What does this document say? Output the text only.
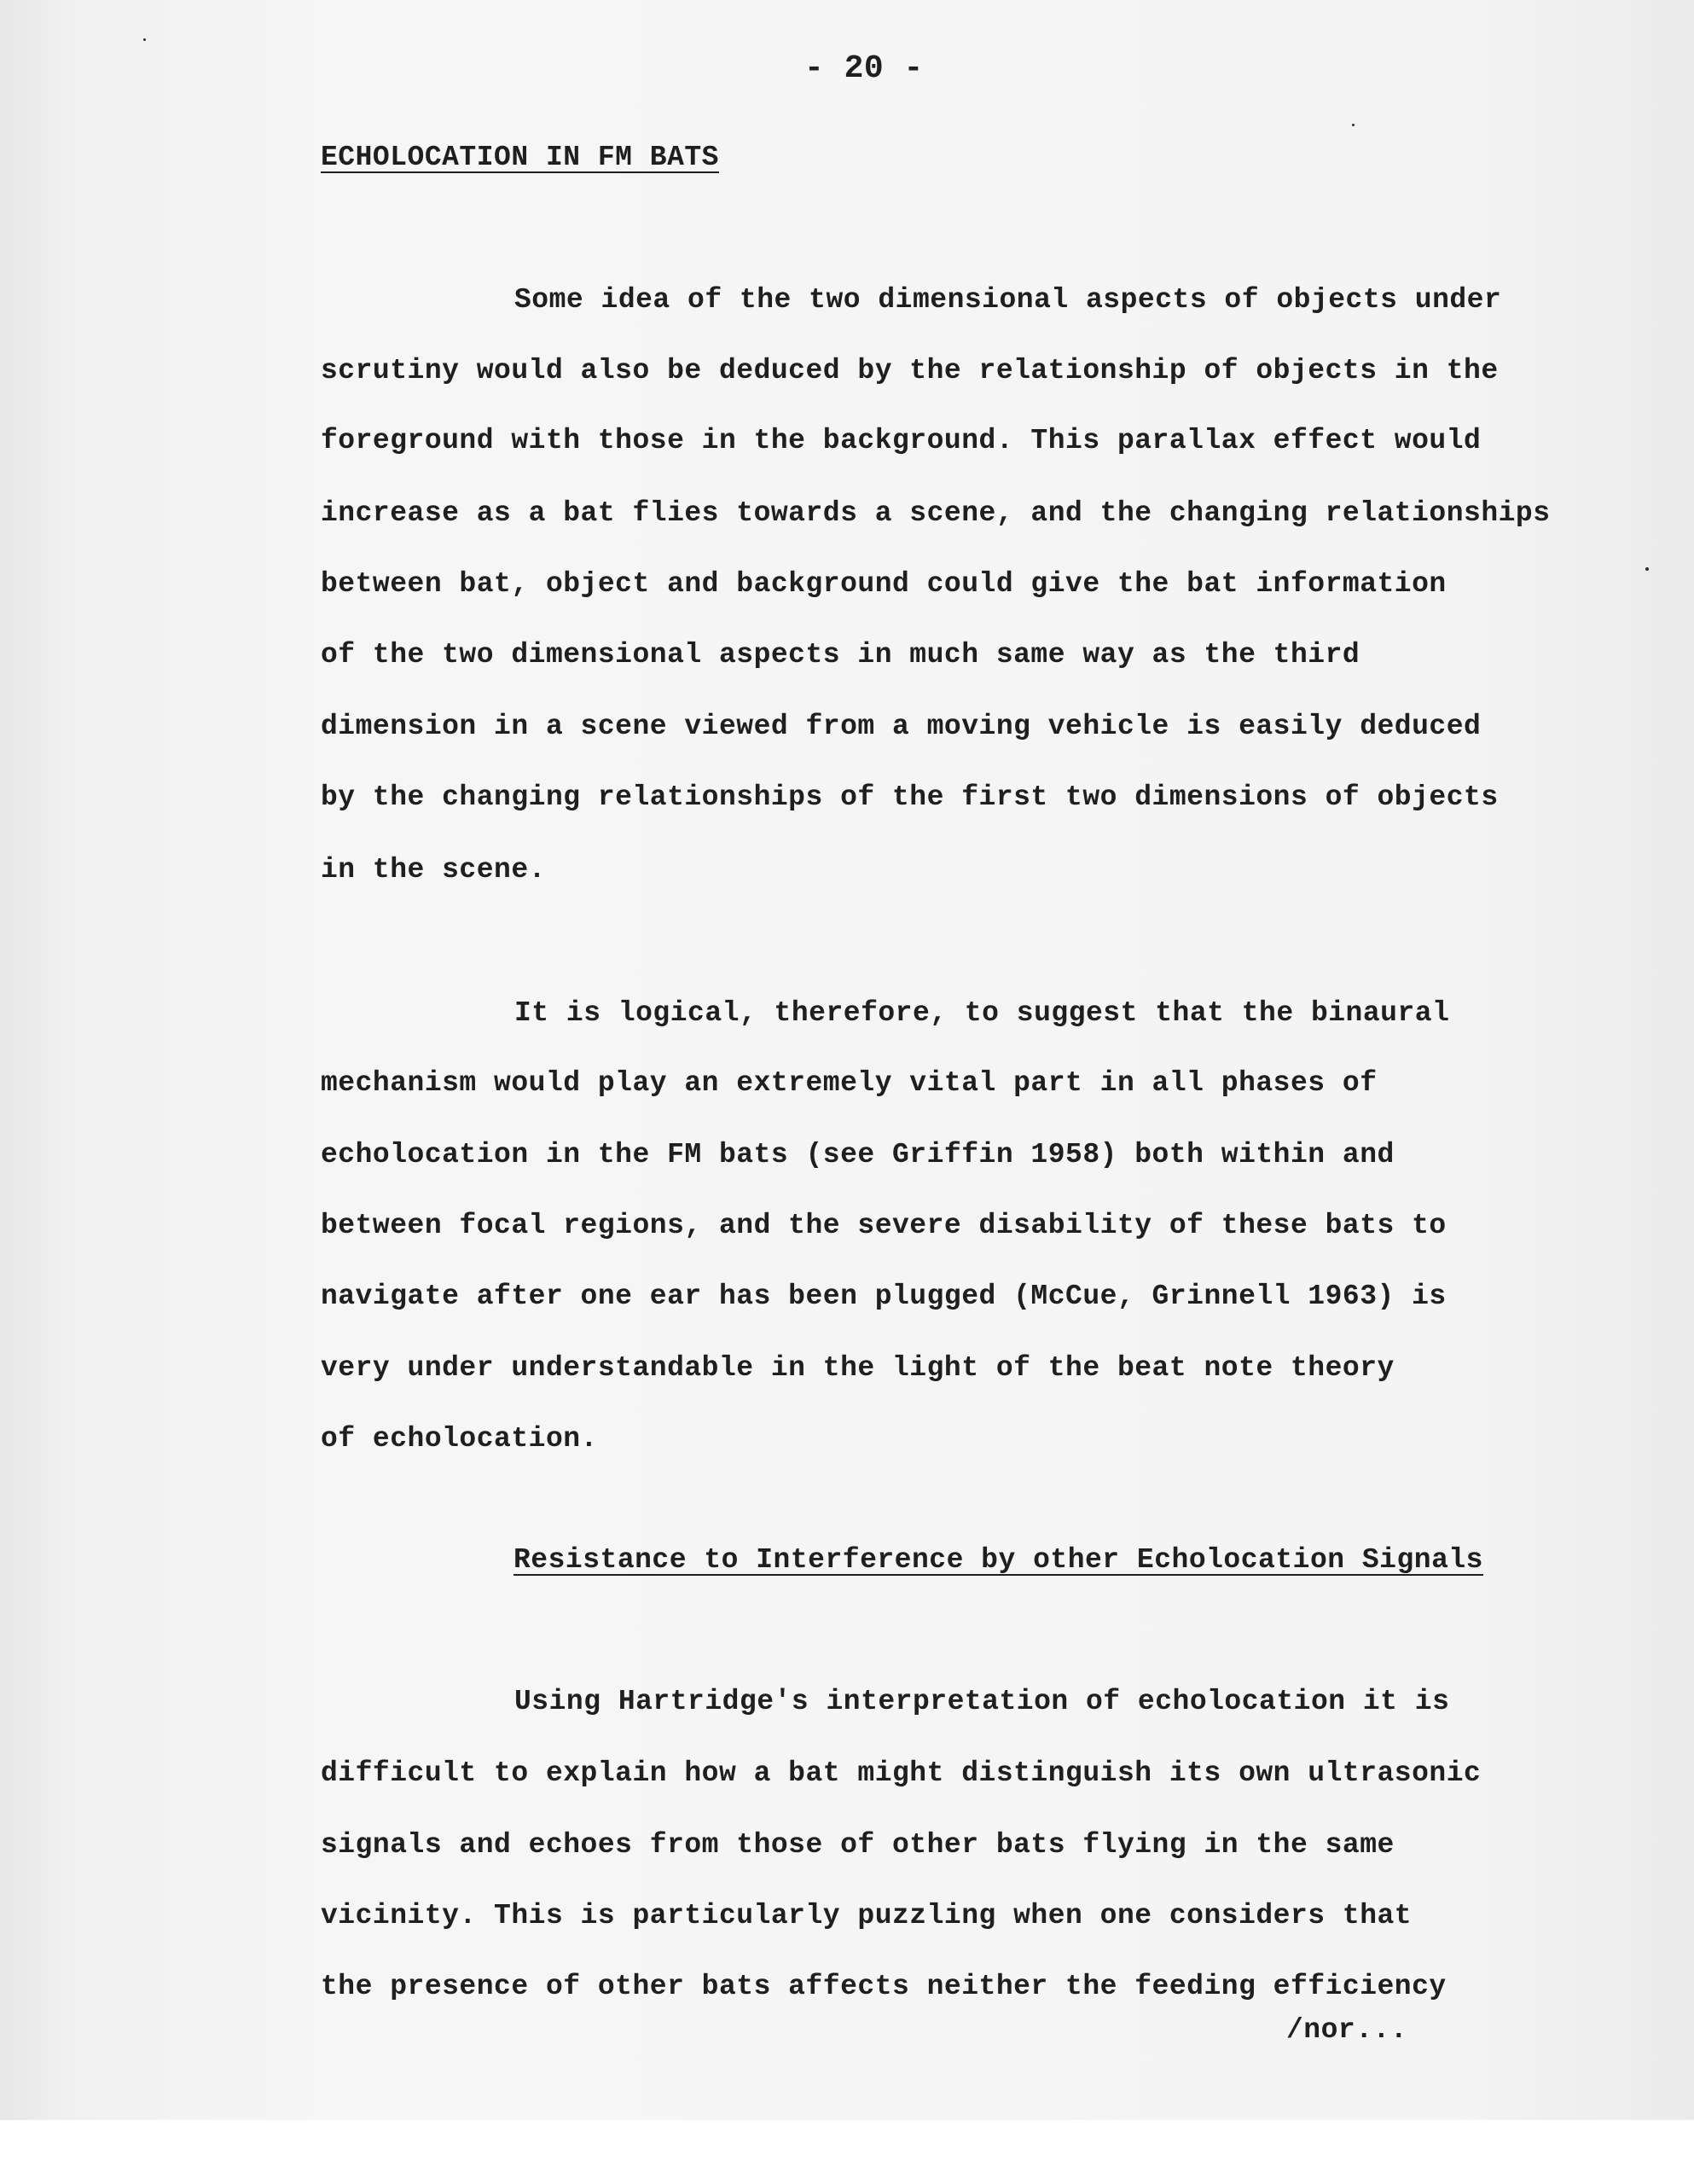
- 20 -
ECHOLOCATION IN FM BATS
Some idea of the two dimensional aspects of objects under
scrutiny would also be deduced by the relationship of objects in the
foreground with those in the background. This parallax effect would
increase as a bat flies towards a scene, and the changing relationships
between bat, object and background could give the bat information
of the two dimensional aspects in much same way as the third
dimension in a scene viewed from a moving vehicle is easily deduced
by the changing relationships of the first two dimensions of objects
in the scene.
It is logical, therefore, to suggest that the binaural
mechanism would play an extremely vital part in all phases of
echolocation in the FM bats (see Griffin 1958) both within and
between focal regions, and the severe disability of these bats to
navigate after one ear has been plugged (McCue, Grinnell 1963) is
very under understandable in the light of the beat note theory
of echolocation.
Resistance to Interference by other Echolocation Signals
Using Hartridge's interpretation of echolocation it is
difficult to explain how a bat might distinguish its own ultrasonic
signals and echoes from those of other bats flying in the same
vicinity. This is particularly puzzling when one considers that
the presence of other bats affects neither the feeding efficiency
/nor...
